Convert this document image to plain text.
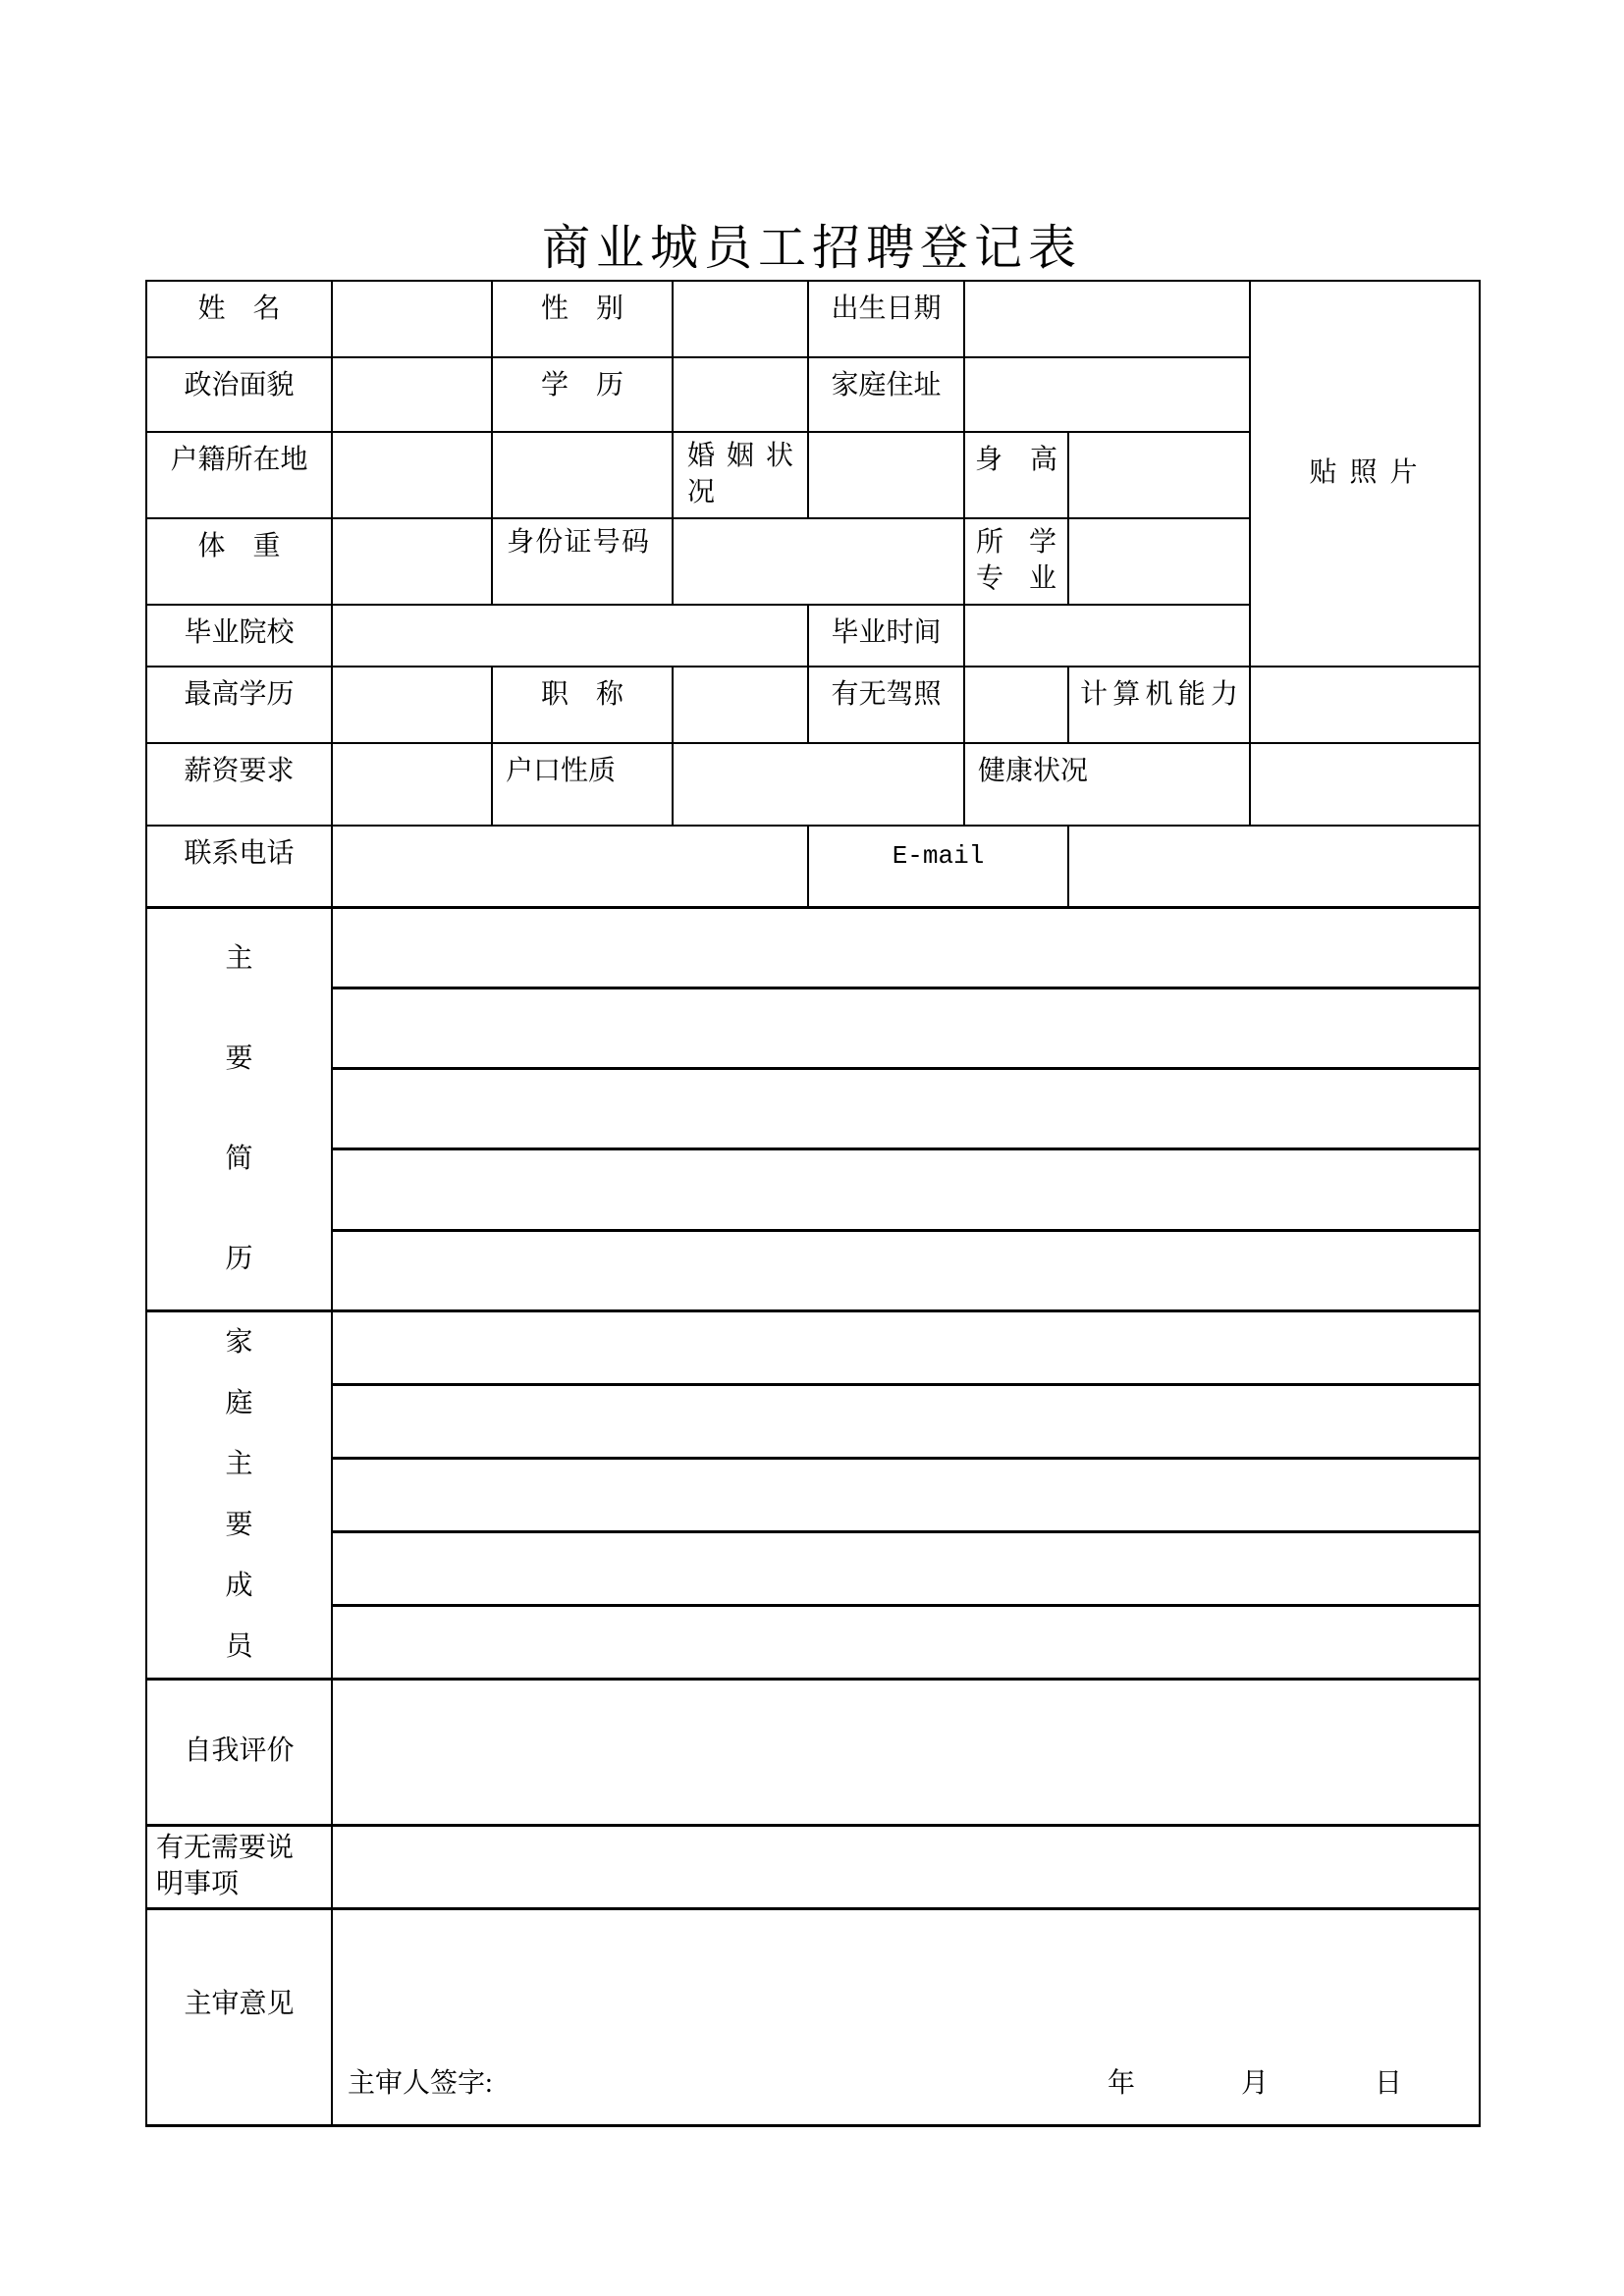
商业城员工招聘登记表
姓　名		性　别		出生日期			贴照片
政治面貌		学　历		家庭住址			
户籍所在地			婚姻状况		身　高		
体　重		身份证号码			所学专业		
毕业院校				毕业时间			
最高学历		职　称		有无驾照		计算机能力	
薪资要求		户口性质			健康状况		
联系电话				E-mail			

主
要
简
历							

家
庭
主
要
成
员

自我评价							
有无需要说明事项							
主审意见	主审人签字: 年 月 日						
